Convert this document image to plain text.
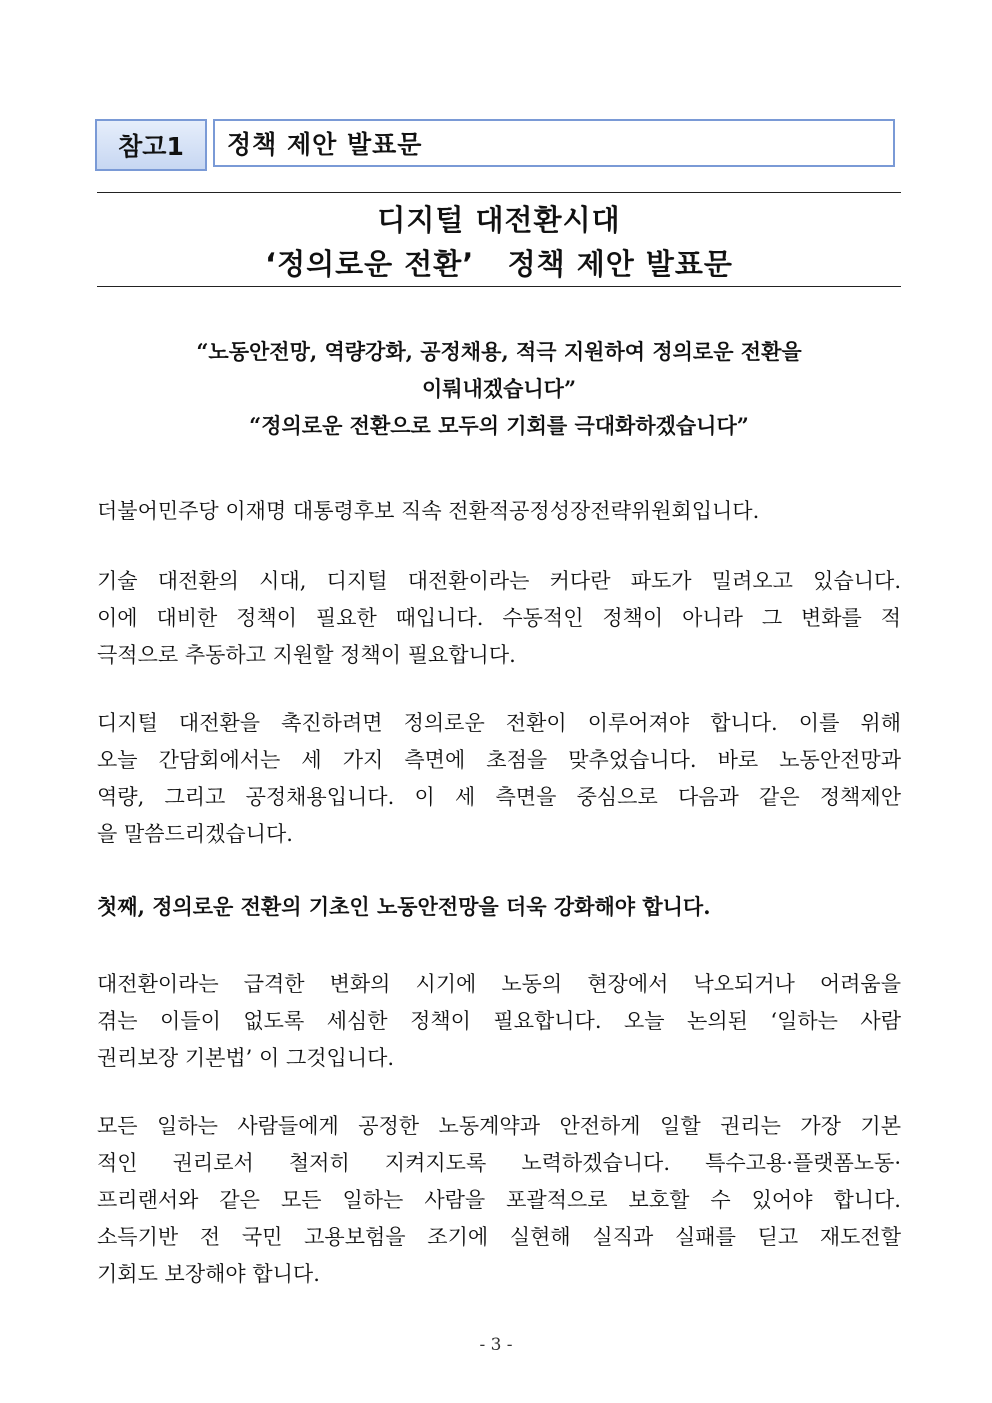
참고1	정책 제안 발표문
디지털 대전환시대
‘정의로운 전환’   정책 제안 발표문
“노동안전망, 역량강화, 공정채용, 적극 지원하여 정의로운 전환을
이뤄내겠습니다”
“정의로운 전환으로 모두의 기회를 극대화하겠습니다”

더불어민주당 이재명 대통령후보 직속 전환적공정성장전략위원회입니다.

기술 대전환의 시대, 디지털 대전환이라는 커다란 파도가 밀려오고 있습니다.
이에 대비한 정책이 필요한 때입니다. 수동적인 정책이 아니라 그 변화를 적
극적으로 추동하고 지원할 정책이 필요합니다.

디지털 대전환을 촉진하려면 정의로운 전환이 이루어져야 합니다. 이를 위해
오늘 간담회에서는 세 가지 측면에 초점을 맞추었습니다. 바로 노동안전망과
역량, 그리고 공정채용입니다. 이 세 측면을 중심으로 다음과 같은 정책제안
을 말씀드리겠습니다.

첫째, 정의로운 전환의 기초인 노동안전망을 더욱 강화해야 합니다.

대전환이라는 급격한 변화의 시기에 노동의 현장에서 낙오되거나 어려움을
겪는 이들이 없도록 세심한 정책이 필요합니다. 오늘 논의된 ‘일하는 사람
권리보장 기본법’ 이 그것입니다.

모든 일하는 사람들에게 공정한 노동계약과 안전하게 일할 권리는 가장 기본
적인 권리로서 철저히 지켜지도록 노력하겠습니다. 특수고용·플랫폼노동·
프리랜서와 같은 모든 일하는 사람을 포괄적으로 보호할 수 있어야 합니다.
소득기반 전 국민 고용보험을 조기에 실현해 실직과 실패를 딛고 재도전할
기회도 보장해야 합니다.

- 3 -
